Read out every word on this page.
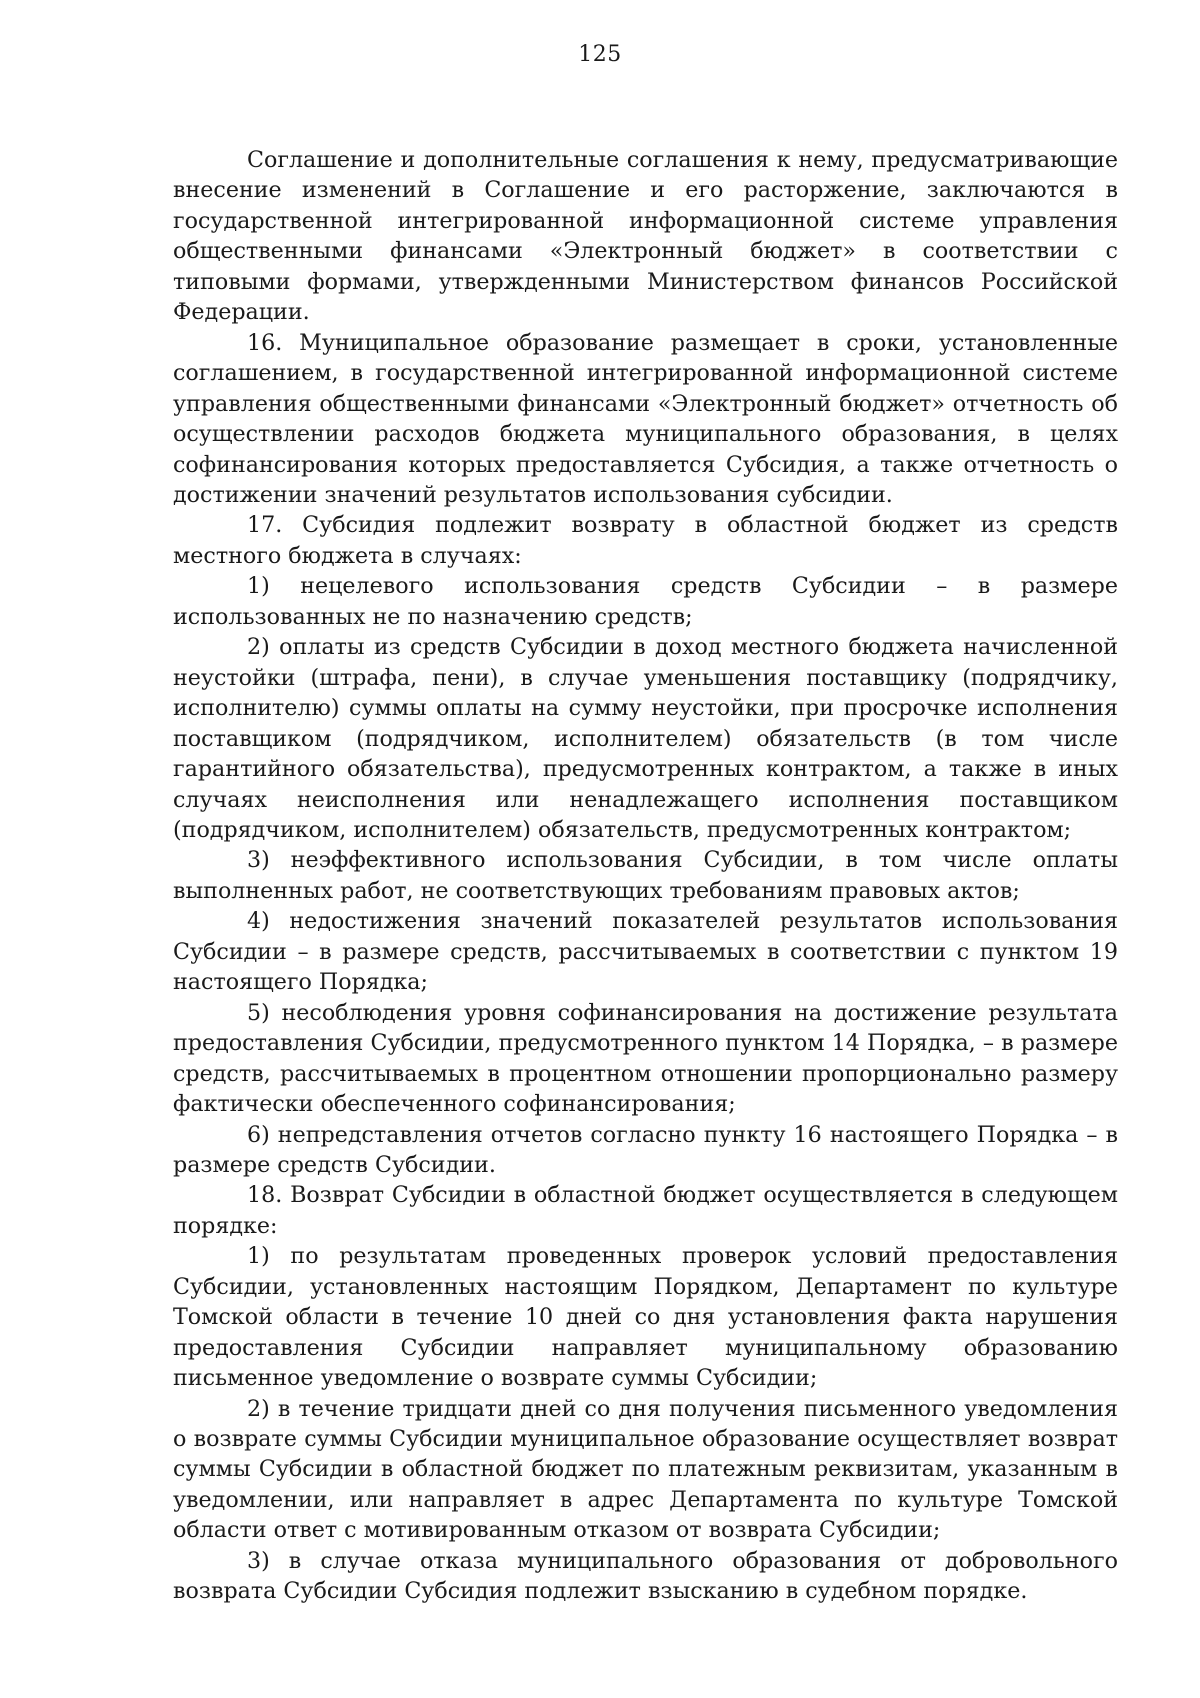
125

Соглашение и дополнительные соглашения к нему, предусматривающие внесение изменений в Соглашение и его расторжение, заключаются в государственной интегрированной информационной системе управления общественными финансами «Электронный бюджет» в соответствии с типовыми формами, утвержденными Министерством финансов Российской Федерации.

16. Муниципальное образование размещает в сроки, установленные соглашением, в государственной интегрированной информационной системе управления общественными финансами «Электронный бюджет» отчетность об осуществлении расходов бюджета муниципального образования, в целях софинансирования которых предоставляется Субсидия, а также отчетность о достижении значений результатов использования субсидии.

17. Субсидия подлежит возврату в областной бюджет из средств местного бюджета в случаях:

1) нецелевого использования средств Субсидии – в размере использованных не по назначению средств;

2) оплаты из средств Субсидии в доход местного бюджета начисленной неустойки (штрафа, пени), в случае уменьшения поставщику (подрядчику, исполнителю) суммы оплаты на сумму неустойки, при просрочке исполнения поставщиком (подрядчиком, исполнителем) обязательств (в том числе гарантийного обязательства), предусмотренных контрактом, а также в иных случаях неисполнения или ненадлежащего исполнения поставщиком (подрядчиком, исполнителем) обязательств, предусмотренных контрактом;

3) неэффективного использования Субсидии, в том числе оплаты выполненных работ, не соответствующих требованиям правовых актов;

4) недостижения значений показателей результатов использования Субсидии – в размере средств, рассчитываемых в соответствии с пунктом 19 настоящего Порядка;

5) несоблюдения уровня софинансирования на достижение результата предоставления Субсидии, предусмотренного пунктом 14 Порядка, – в размере средств, рассчитываемых в процентном отношении пропорционально размеру фактически обеспеченного софинансирования;

6) непредставления отчетов согласно пункту 16 настоящего Порядка – в размере средств Субсидии.

18. Возврат Субсидии в областной бюджет осуществляется в следующем порядке:

1) по результатам проведенных проверок условий предоставления Субсидии, установленных настоящим Порядком, Департамент по культуре Томской области в течение 10 дней со дня установления факта нарушения предоставления Субсидии направляет муниципальному образованию письменное уведомление о возврате суммы Субсидии;

2) в течение тридцати дней со дня получения письменного уведомления о возврате суммы Субсидии муниципальное образование осуществляет возврат суммы Субсидии в областной бюджет по платежным реквизитам, указанным в уведомлении, или направляет в адрес Департамента по культуре Томской области ответ с мотивированным отказом от возврата Субсидии;

3) в случае отказа муниципального образования от добровольного возврата Субсидии Субсидия подлежит взысканию в судебном порядке.
